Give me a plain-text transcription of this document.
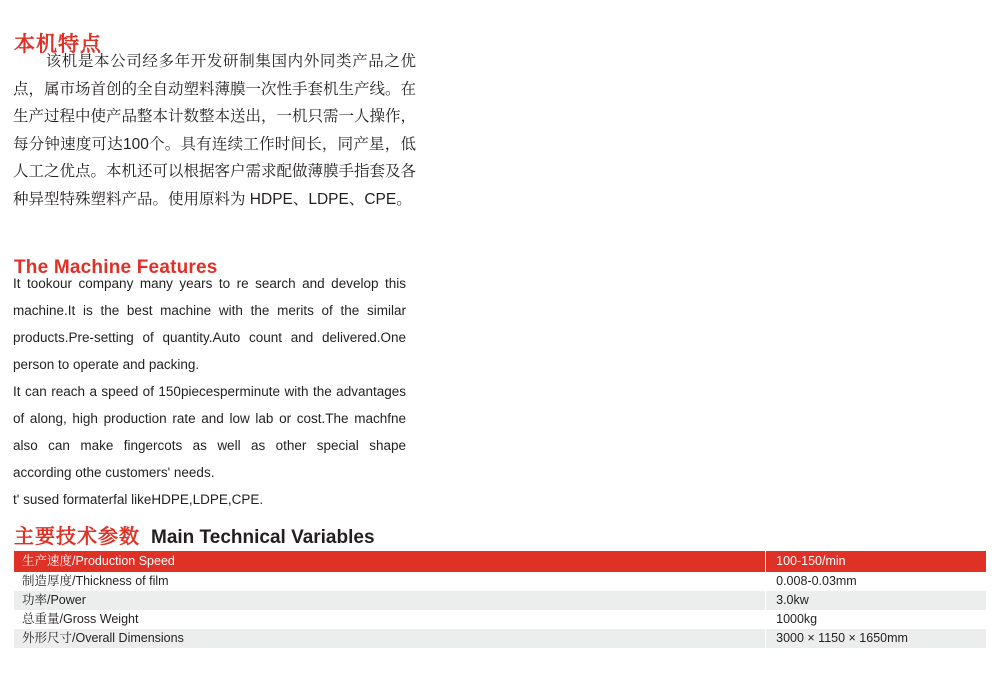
本机特点
该机是本公司经多年开发研制集国内外同类产品之优点，属市场首创的全自动塑料薄膜一次性手套机生产线。在生产过程中使产品整本计数整本送出，一机只需一人操作，每分钟速度可达100个。具有连续工作时间长，同产星，低人工之优点。本机还可以根据客户需求配做薄膜手指套及各种异型特殊塑料产品。使用原料为 HDPE、LDPE、CPE。
The Machine Features

It tookour company many years to re search and develop this machine.It is the best machine with the merits of the similar products.Pre-setting of quantity.Auto count and delivered.One person to operate and packing.

It can reach a speed of 150piecesperminute with the advantages of along, high production rate and low lab or cost.The machfne also can make fingercots as well as other special shape according othe customers' needs.

t' sused formaterfal likeHDPE,LDPE,CPE.

主要技术参数 Main Technical Variables
生产速度/Production Speed	100-150/min
制造厚度/Thickness of film	0.008-0.03mm
功率/Power	3.0kw
总重量/Gross Weight	1000kg
外形尺寸/Overall Dimensions	3000 × 1150 × 1650mm
